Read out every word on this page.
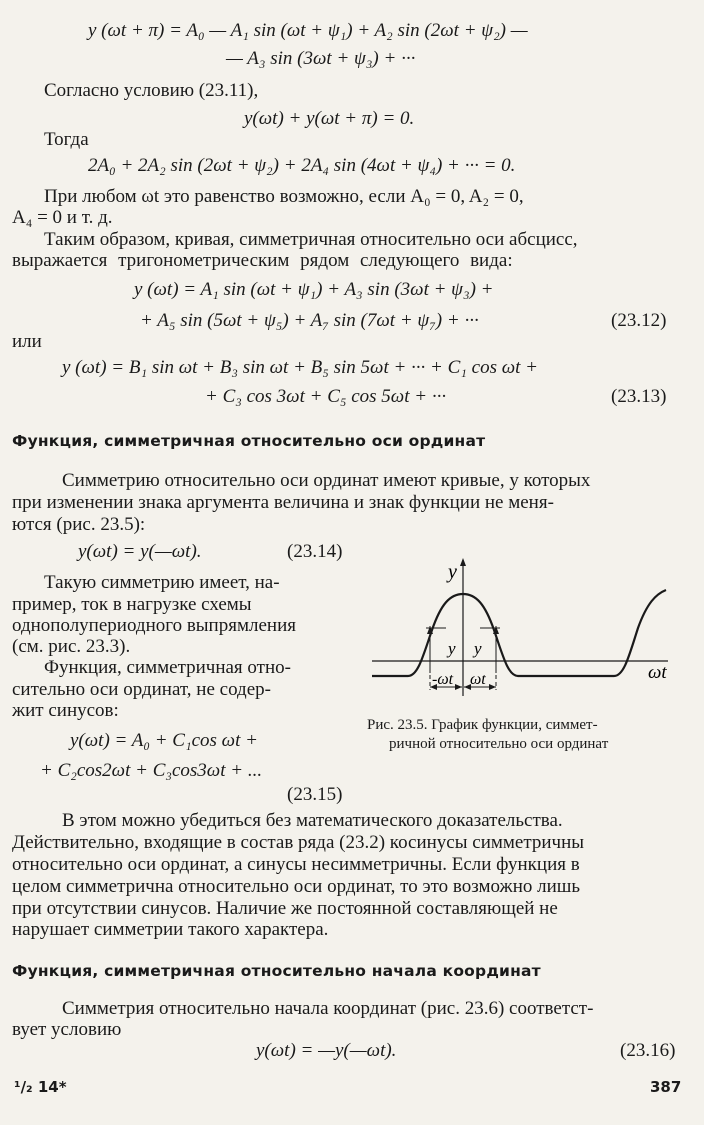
y (ωt + π) = A₀ — A₁ sin (ωt + ψ₁) + A₂ sin (2ωt + ψ₂) —
— A₃ sin (3ωt + ψ₃) + ···
Согласно условию (23.11),
y(ωt) + y(ωt + π) = 0.
Тогда
2A₀ + 2A₂ sin (2ωt + ψ₂) + 2A₄ sin (4ωt + ψ₄) + ··· = 0.
При любом ωt это равенство возможно, если A₀ = 0, A₂ = 0,
A₄ = 0 и т. д.
Таким образом, кривая, симметричная относительно оси абсцисс,
выражается тригонометрическим рядом следующего вида:
y (ωt) = A₁ sin (ωt + ψ₁) + A₃ sin (3ωt + ψ₃) +
+ A₅ sin (5ωt + ψ₅) + A₇ sin (7ωt + ψ₇) + ···	(23.12)
или
y (ωt) = B₁ sin ωt + B₃ sin ωt + B₅ sin 5ωt + ··· + C₁ cos ωt +
+ C₃ cos 3ωt + C₅ cos 5ωt + ···	(23.13)
Функция, симметричная относительно оси ординат
Симметрию относительно оси ординат имеют кривые, у которых
при изменении знака аргумента величина и знак функции не меня-
ются (рис. 23.5):
y(ωt) = y(—ωt).	(23.14)
Такую симметрию имеет, на-
пример, ток в нагрузке схемы
однополупериодного выпрямления
(см. рис. 23.3).
Функция, симметричная отно-
сительно оси ординат, не содер-
жит синусов:
y(ωt) = A₀ + C₁cos ωt +
+ C₂cos2ωt + C₃cos3ωt + ...
(23.15)
y
ωt
y y
-ωt ωt
Рис. 23.5. График функции, симмет-
ричной относительно оси ординат
В этом можно убедиться без математического доказательства.
Действительно, входящие в состав ряда (23.2) косинусы симметричны
относительно оси ординат, а синусы несимметричны. Если функция в
целом симметрична относительно оси ординат, то это возможно лишь
при отсутствии синусов. Наличие же постоянной составляющей не
нарушает симметрии такого характера.
Функция, симметричная относительно начала координат
Симметрия относительно начала координат (рис. 23.6) соответст-
вует условию
y(ωt) = —y(—ωt).	(23.16)
¹/₂ 14*	387
